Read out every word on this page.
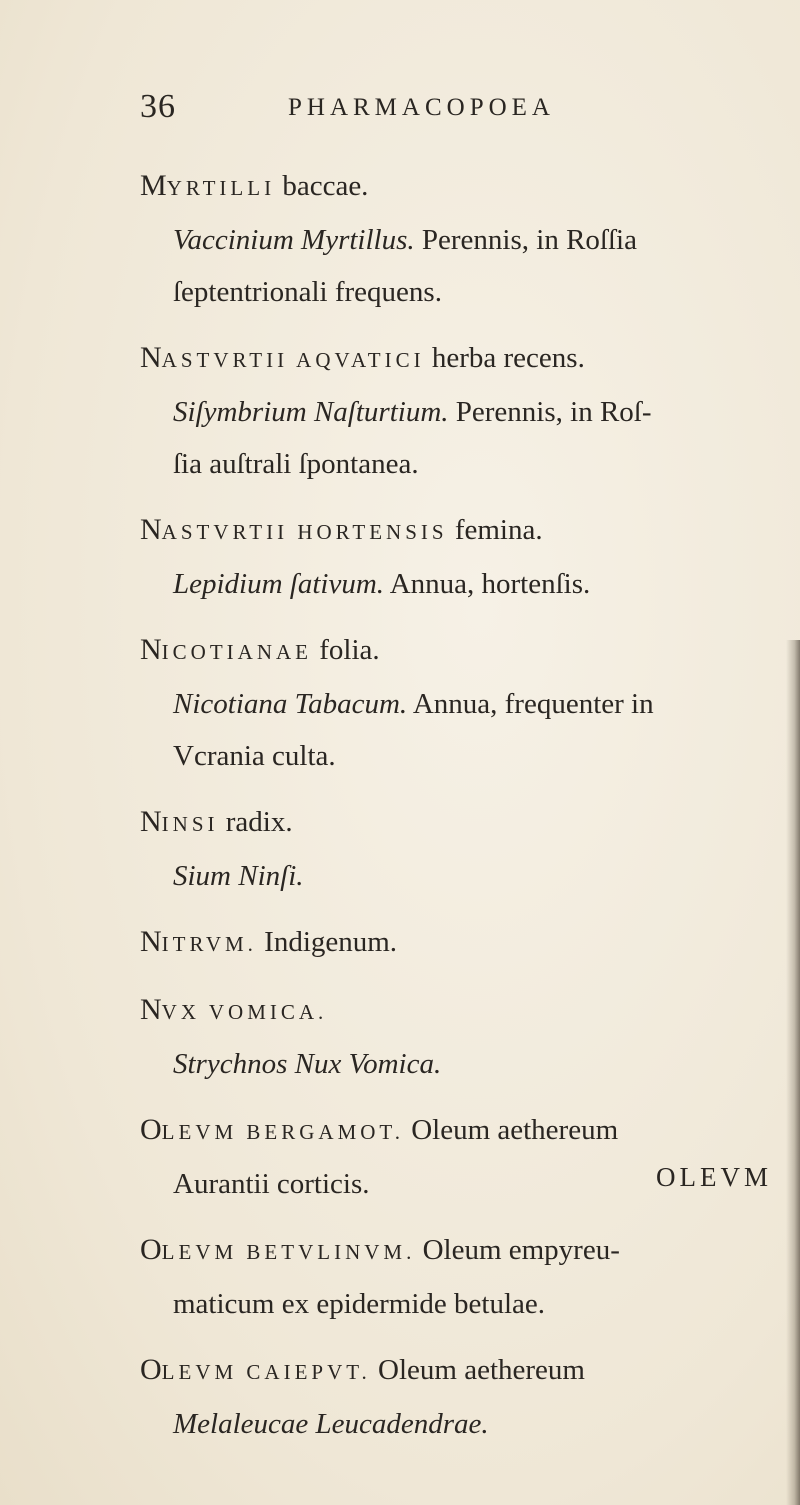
36	PHARMACOPOEA
MYRTILLI baccae.
Vaccinium Myrtillus. Perennis, in Roſſia
ſeptentrionali frequens.
NASTVRTII AQVATICI herba recens.
Siſymbrium Naſturtium. Perennis, in Roſ-
ſia auſtrali ſpontanea.
NASTVRTII HORTENSIS femina.
Lepidium ſativum. Annua, hortenſis.
NICOTIANAE folia.
Nicotiana Tabacum. Annua, frequenter in
Vcrania culta.
NINSI radix.
Sium Ninſi.
NITRVM. Indigenum.
NVX VOMICA.
Strychnos Nux Vomica.
OLEVM BERGAMOT. Oleum aethereum
Aurantii corticis.
OLEVM BETVLINVM. Oleum empyreu-
maticum ex epidermide betulae.
OLEVM CAIEPVT. Oleum aethereum
Melaleucae Leucadendrae.
OLEVM
